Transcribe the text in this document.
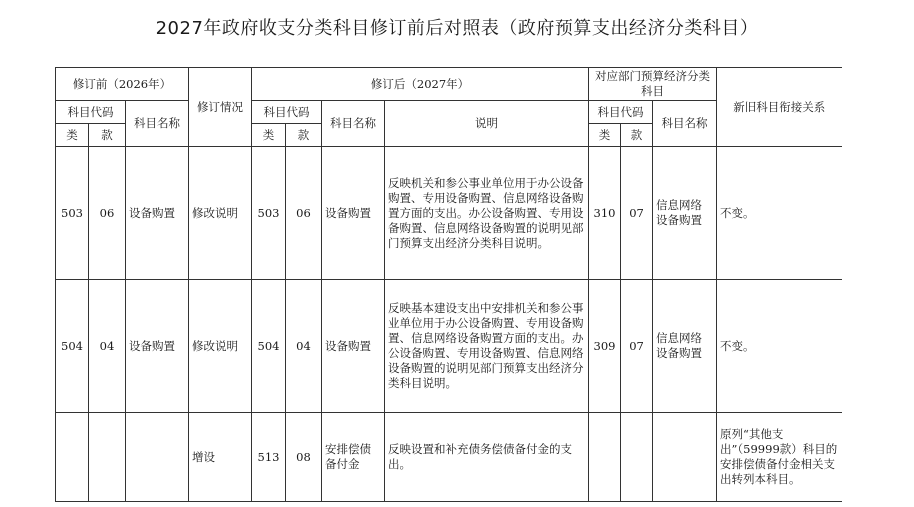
2027年政府收支分类科目修订前后对照表（政府预算支出经济分类科目）
修订前（2026年）			修订情况	修订后（2027年）				对应部门预算经济分类科目			新旧科目衔接关系
科目代码		科目名称		科目代码		科目名称	说明	科目代码		科目名称	
类	款			类	款			类	款		
503	06	设备购置	修改说明	503	06	设备购置	反映机关和参公事业单位用于办公设备购置、专用设备购置、信息网络设备购置方面的支出。办公设备购置、专用设备购置、信息网络设备购置的说明见部门预算支出经济分类科目说明。	310	07	信息网络设备购置	不变。
504	04	设备购置	修改说明	504	04	设备购置	反映基本建设支出中安排机关和参公事业单位用于办公设备购置、专用设备购置、信息网络设备购置方面的支出。办公设备购置、专用设备购置、信息网络设备购置的说明见部门预算支出经济分类科目说明。	309	07	信息网络设备购置	不变。
			增设	513	08	安排偿债备付金	反映设置和补充债务偿债备付金的支出。				原列“其他支出”（59999款）科目的安排偿债备付金相关支出转列本科目。
